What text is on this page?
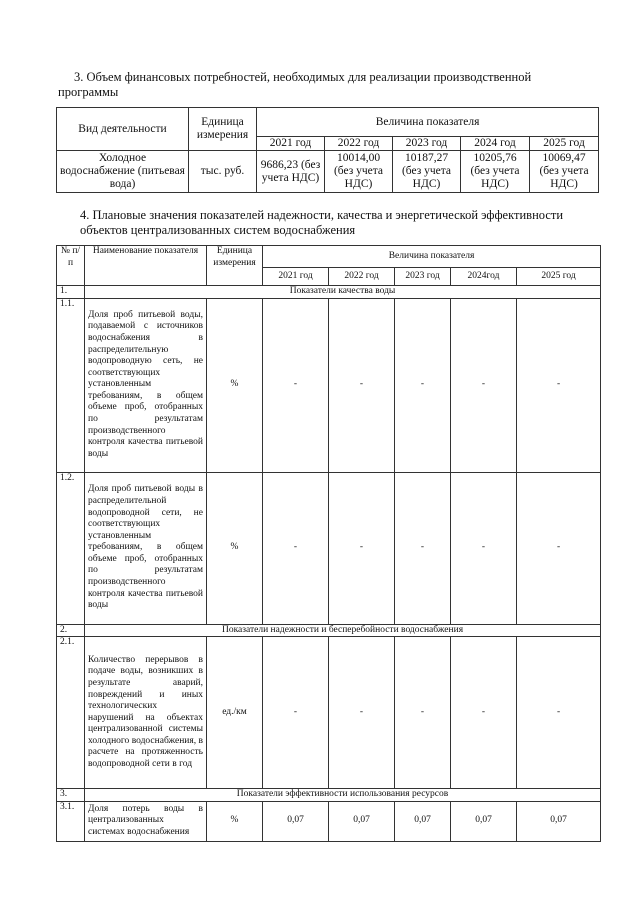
3. Объем финансовых потребностей, необходимых для реализации производственной
программы
Вид деятельности	Единица измерения	Величина показателя				
		2021 год	2022 год	2023 год	2024 год	2025 год
Холодное водоснабжение (питьевая вода)	тыс. руб.	9686,23 (без учета НДС)	10014,00 (без учета НДС)	10187,27 (без учета НДС)	10205,76 (без учета НДС)	10069,47 (без учета НДС)
4. Плановые значения показателей надежности, качества и энергетической эффективности
объектов централизованных систем водоснабжения
№ п/п	Наименование показателя	Единица измерения	Величина показателя				
			2021 год	2022 год	2023 год	2024год	2025 год
1.	Показатели качества воды						
1.1.	Доля проб питьевой воды, подаваемой с источников водоснабжения в распределительную водопроводную сеть, не соответствующих установленным требованиям, в общем объеме проб, отобранных по результатам производственного контроля качества питьевой воды	%	-	-	-	-	-
1.2.	Доля проб питьевой воды в распределительной водопроводной сети, не соответствующих установленным требованиям, в общем объеме проб, отобранных по результатам производственного контроля качества питьевой воды	%	-	-	-	-	-
2.	Показатели надежности и бесперебойности водоснабжения						
2.1.	Количество перерывов в подаче воды, возникших в результате аварий, повреждений и иных технологических нарушений на объектах централизованной системы холодного водоснабжения, в расчете на протяженность водопроводной сети в год	ед./км	-	-	-	-	-
3.	Показатели эффективности использования ресурсов						
3.1.	Доля потерь воды в централизованных системах водоснабжения	%	0,07	0,07	0,07	0,07	0,07
